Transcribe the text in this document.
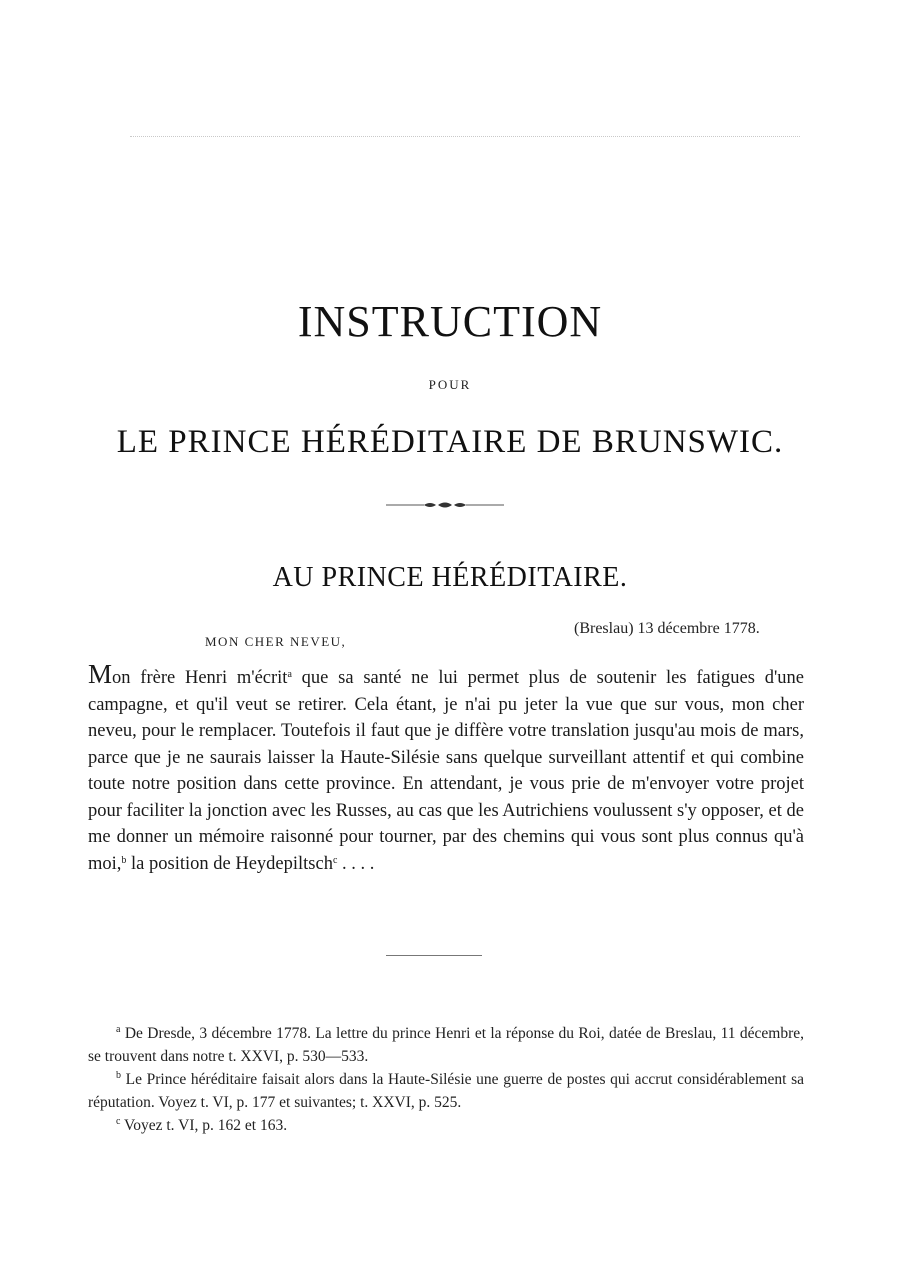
INSTRUCTION
POUR
LE PRINCE HÉRÉDITAIRE DE BRUNSWIC.
AU PRINCE HÉRÉDITAIRE.
(Breslau) 13 décembre 1778.
MON CHER NEVEU,
Mon frère Henri m'écrit$^a$ que sa santé ne lui permet plus de soutenir les fatigues d'une campagne, et qu'il veut se retirer. Cela étant, je n'ai pu jeter la vue que sur vous, mon cher neveu, pour le remplacer. Toutefois il faut que je diffère votre translation jusqu'au mois de mars, parce que je ne saurais laisser la Haute-Silésie sans quelque surveillant attentif et qui combine toute notre position dans cette province. En attendant, je vous prie de m'envoyer votre projet pour faciliter la jonction avec les Russes, au cas que les Autrichiens voulussent s'y opposer, et de me donner un mémoire raisonné pour tourner, par des chemins qui vous sont plus connus qu'à moi,$^b$ la position de Heydepiltsch$^c$ . . . .

$^a$ De Dresde, 3 décembre 1778. La lettre du prince Henri et la réponse du Roi, datée de Breslau, 11 décembre, se trouvent dans notre t. XXVI, p. 530—533.

$^b$ Le Prince héréditaire faisait alors dans la Haute-Silésie une guerre de postes qui accrut considérablement sa réputation. Voyez t. VI, p. 177 et suivantes; t. XXVI, p. 525.

$^c$ Voyez t. VI, p. 162 et 163.
